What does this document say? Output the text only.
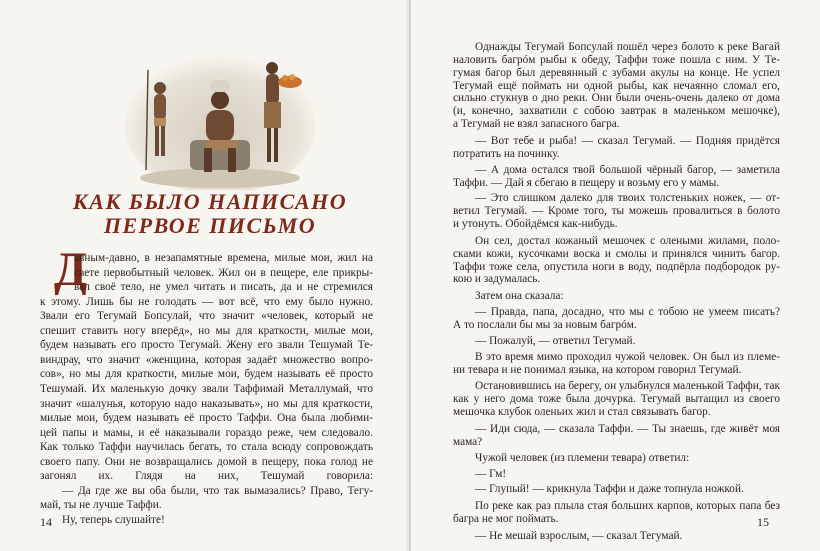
КАК БЫЛО НАПИСАНО
ПЕРВОЕ ПИСЬМО
Д
авным-давно, в незапамятные времена, милые мои, жил на
свете первобытный человек. Жил он в пещере, еле прикры-
вал своё тело, не умел читать и писать, да и не стремился
к этому. Лишь бы не голодать — вот всё, что ему было нужно.
Звали его Тегумай Бопсулай, что значит «человек, который не
спешит ставить ногу вперёд», но мы для краткости, милые мои,
будем называть его просто Тегумай. Жену его звали Тешумай Те-
виндрау, что значит «женщина, которая задаёт множество вопро-
сов», но мы для краткости, милые мои, будем называть её просто
Тешумай. Их маленькую дочку звали Таффимай Металлумай, что
значит «шалунья, которую надо наказывать», но мы для краткости,
милые мои, будем называть её просто Таффи. Она была любими-
цей папы и мамы, и её наказывали гораздо реже, чем следовало.
Как только Таффи научилась бегать, то стала всюду сопровождать
своего папу. Они не возвращались домой в пещеру, пока голод не
загонял их. Глядя на них, Тешумай говорила:
— Да где же вы оба были, что так вымазались? Право, Тегу-
май, ты не лучше Таффи.
Ну, теперь слушайте!
14
Однажды Тегумай Бопсулай пошёл через болото к реке Вагай
наловить багрóм рыбы к обеду, Таффи тоже пошла с ним. У Те-
гумая багор был деревянный с зубами акулы на конце. Не успел
Тегумай ещё поймать ни одной рыбы, как нечаянно сломал его,
сильно стукнув о дно реки. Они были очень-очень далеко от дома
(и, конечно, захватили с собою завтрак в маленьком мешочке),
а Тегумай не взял запасного багра.
— Вот тебе и рыба! — сказал Тегумай. — Подняя придётся
потратить на починку.
— А дома остался твой большой чёрный багор, — заметила
Таффи. — Дай я сбегаю в пещеру и возьму его у мамы.
— Это слишком далеко для твоих толстеньких ножек, — от-
ветил Тегумай. — Кроме того, ты можешь провалиться в болото
и утонуть. Обойдёмся как-нибудь.
Он сел, достал кожаный мешочек с олеными жилами, поло-
сками кожи, кусочками воска и смолы и принялся чинить багор.
Таффи тоже села, опустила ноги в воду, подпёрла подбородок ру-
кою и задумалась.
Затем она сказала:
— Правда, папа, досадно, что мы с тобою не умеем писать?
А то послали бы мы за новым багрóм.
— Пожалуй, — ответил Тегумай.
В это время мимо проходил чужой человек. Он был из племе-
ни тевара и не понимал языка, на котором говорил Тегумай.
Остановившись на берегу, он улыбнулся маленькой Таффи, так
как у него дома тоже была дочурка. Тегумай вытащил из своего
мешочка клубок оленьих жил и стал связывать багор.
— Иди сюда, — сказала Таффи. — Ты знаешь, где живёт моя
мама?
Чужой человек (из племени тевара) ответил:
— Гм!
— Глупый! — крикнула Таффи и даже топнула ножкой.
По реке как раз плыла стая больших карпов, которых папа без
багра не мог поймать.
— Не мешай взрослым, — сказал Тегумай.
15
